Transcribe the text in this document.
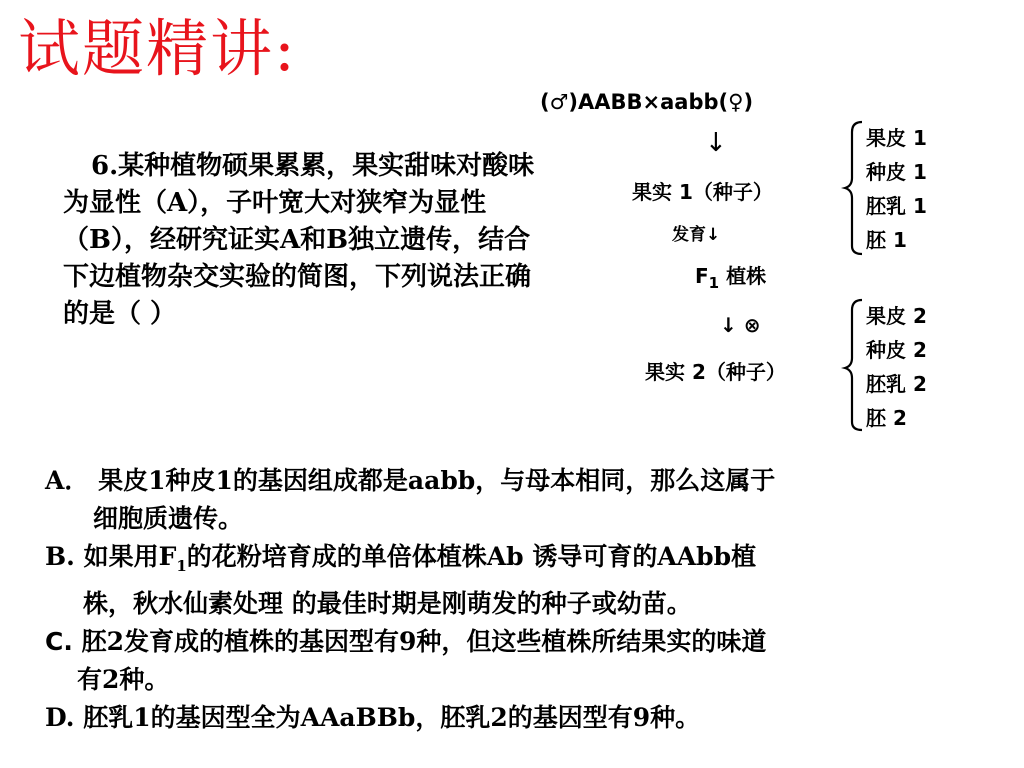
试题精讲:
6.某种植物硕果累累，果实甜味对酸味为显性（A），子叶宽大对狭窄为显性（B），经研究证实A和B独立遗传，结合下边植物杂交实验的简图，下列说法正确的是（ ）
(♂)AABB×aabb(♀)
↓
果实 1（种子）
发育↓
$F_1$ 植株
↓ ⊗
果实 2（种子）
果皮 1
种皮 1
胚乳 1
胚 1
果皮 2
种皮 2
胚乳 2
胚 2
A． 果皮1种皮1的基因组成都是aabb，与母本相同，那么这属于
细胞质遗传。
B. 如果用$F_1$的花粉培育成的单倍体植株Ab 诱导可育的AAbb植
株，秋水仙素处理 的最佳时期是刚萌发的种子或幼苗。
C. 胚2发育成的植株的基因型有9种，但这些植株所结果实的味道
有2种。
D. 胚乳1的基因型全为AAaBBb，胚乳2的基因型有9种。
